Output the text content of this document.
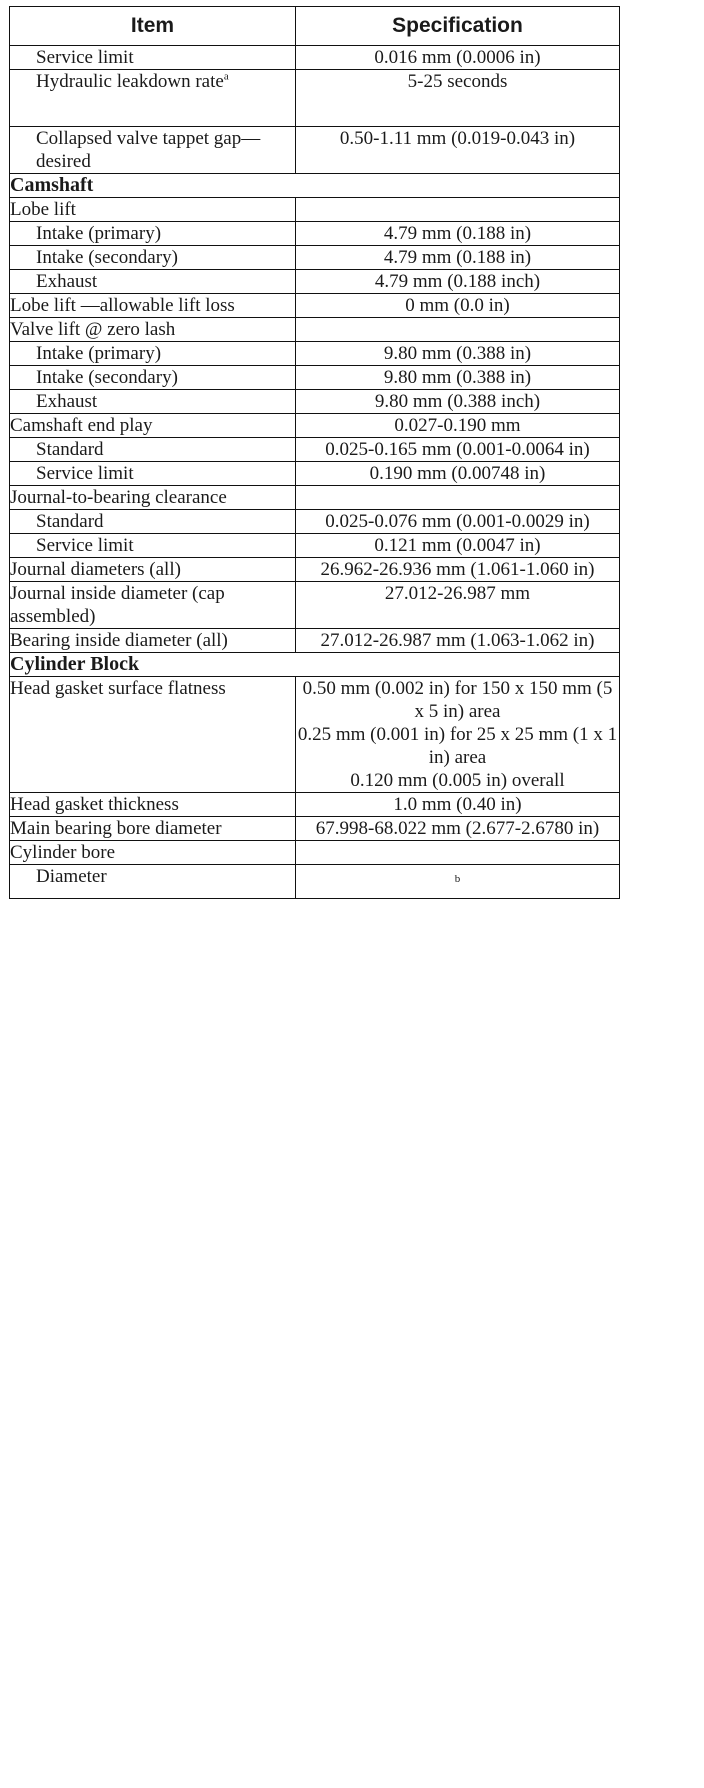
Item	Specification
Service limit	0.016 mm (0.0006 in)
Hydraulic leakdown rate$^a$	5-25 seconds
Collapsed valve tappet gap—desired	0.50-1.11 mm (0.019-0.043 in)
Camshaft	
Lobe lift	
Intake (primary)	4.79 mm (0.188 in)
Intake (secondary)	4.79 mm (0.188 in)
Exhaust	4.79 mm (0.188 inch)
Lobe lift —allowable lift loss	0 mm (0.0 in)
Valve lift @ zero lash	
Intake (primary)	9.80 mm (0.388 in)
Intake (secondary)	9.80 mm (0.388 in)
Exhaust	9.80 mm (0.388 inch)
Camshaft end play	0.027-0.190 mm
Standard	0.025-0.165 mm (0.001-0.0064 in)
Service limit	0.190 mm (0.00748 in)
Journal-to-bearing clearance	
Standard	0.025-0.076 mm (0.001-0.0029 in)
Service limit	0.121 mm (0.0047 in)
Journal diameters (all)	26.962-26.936 mm (1.061-1.060 in)
Journal inside diameter (cap assembled)	27.012-26.987 mm
Bearing inside diameter (all)	27.012-26.987 mm (1.063-1.062 in)
Cylinder Block	
Head gasket surface flatness	0.50 mm (0.002 in) for 150 x 150 mm (5 x 5 in) area
0.25 mm (0.001 in) for 25 x 25 mm (1 x 1 in) area
0.120 mm (0.005 in) overall

Head gasket thickness	1.0 mm (0.40 in)
Main bearing bore diameter	67.998-68.022 mm (2.677-2.6780 in)
Cylinder bore	
Diameter	b
